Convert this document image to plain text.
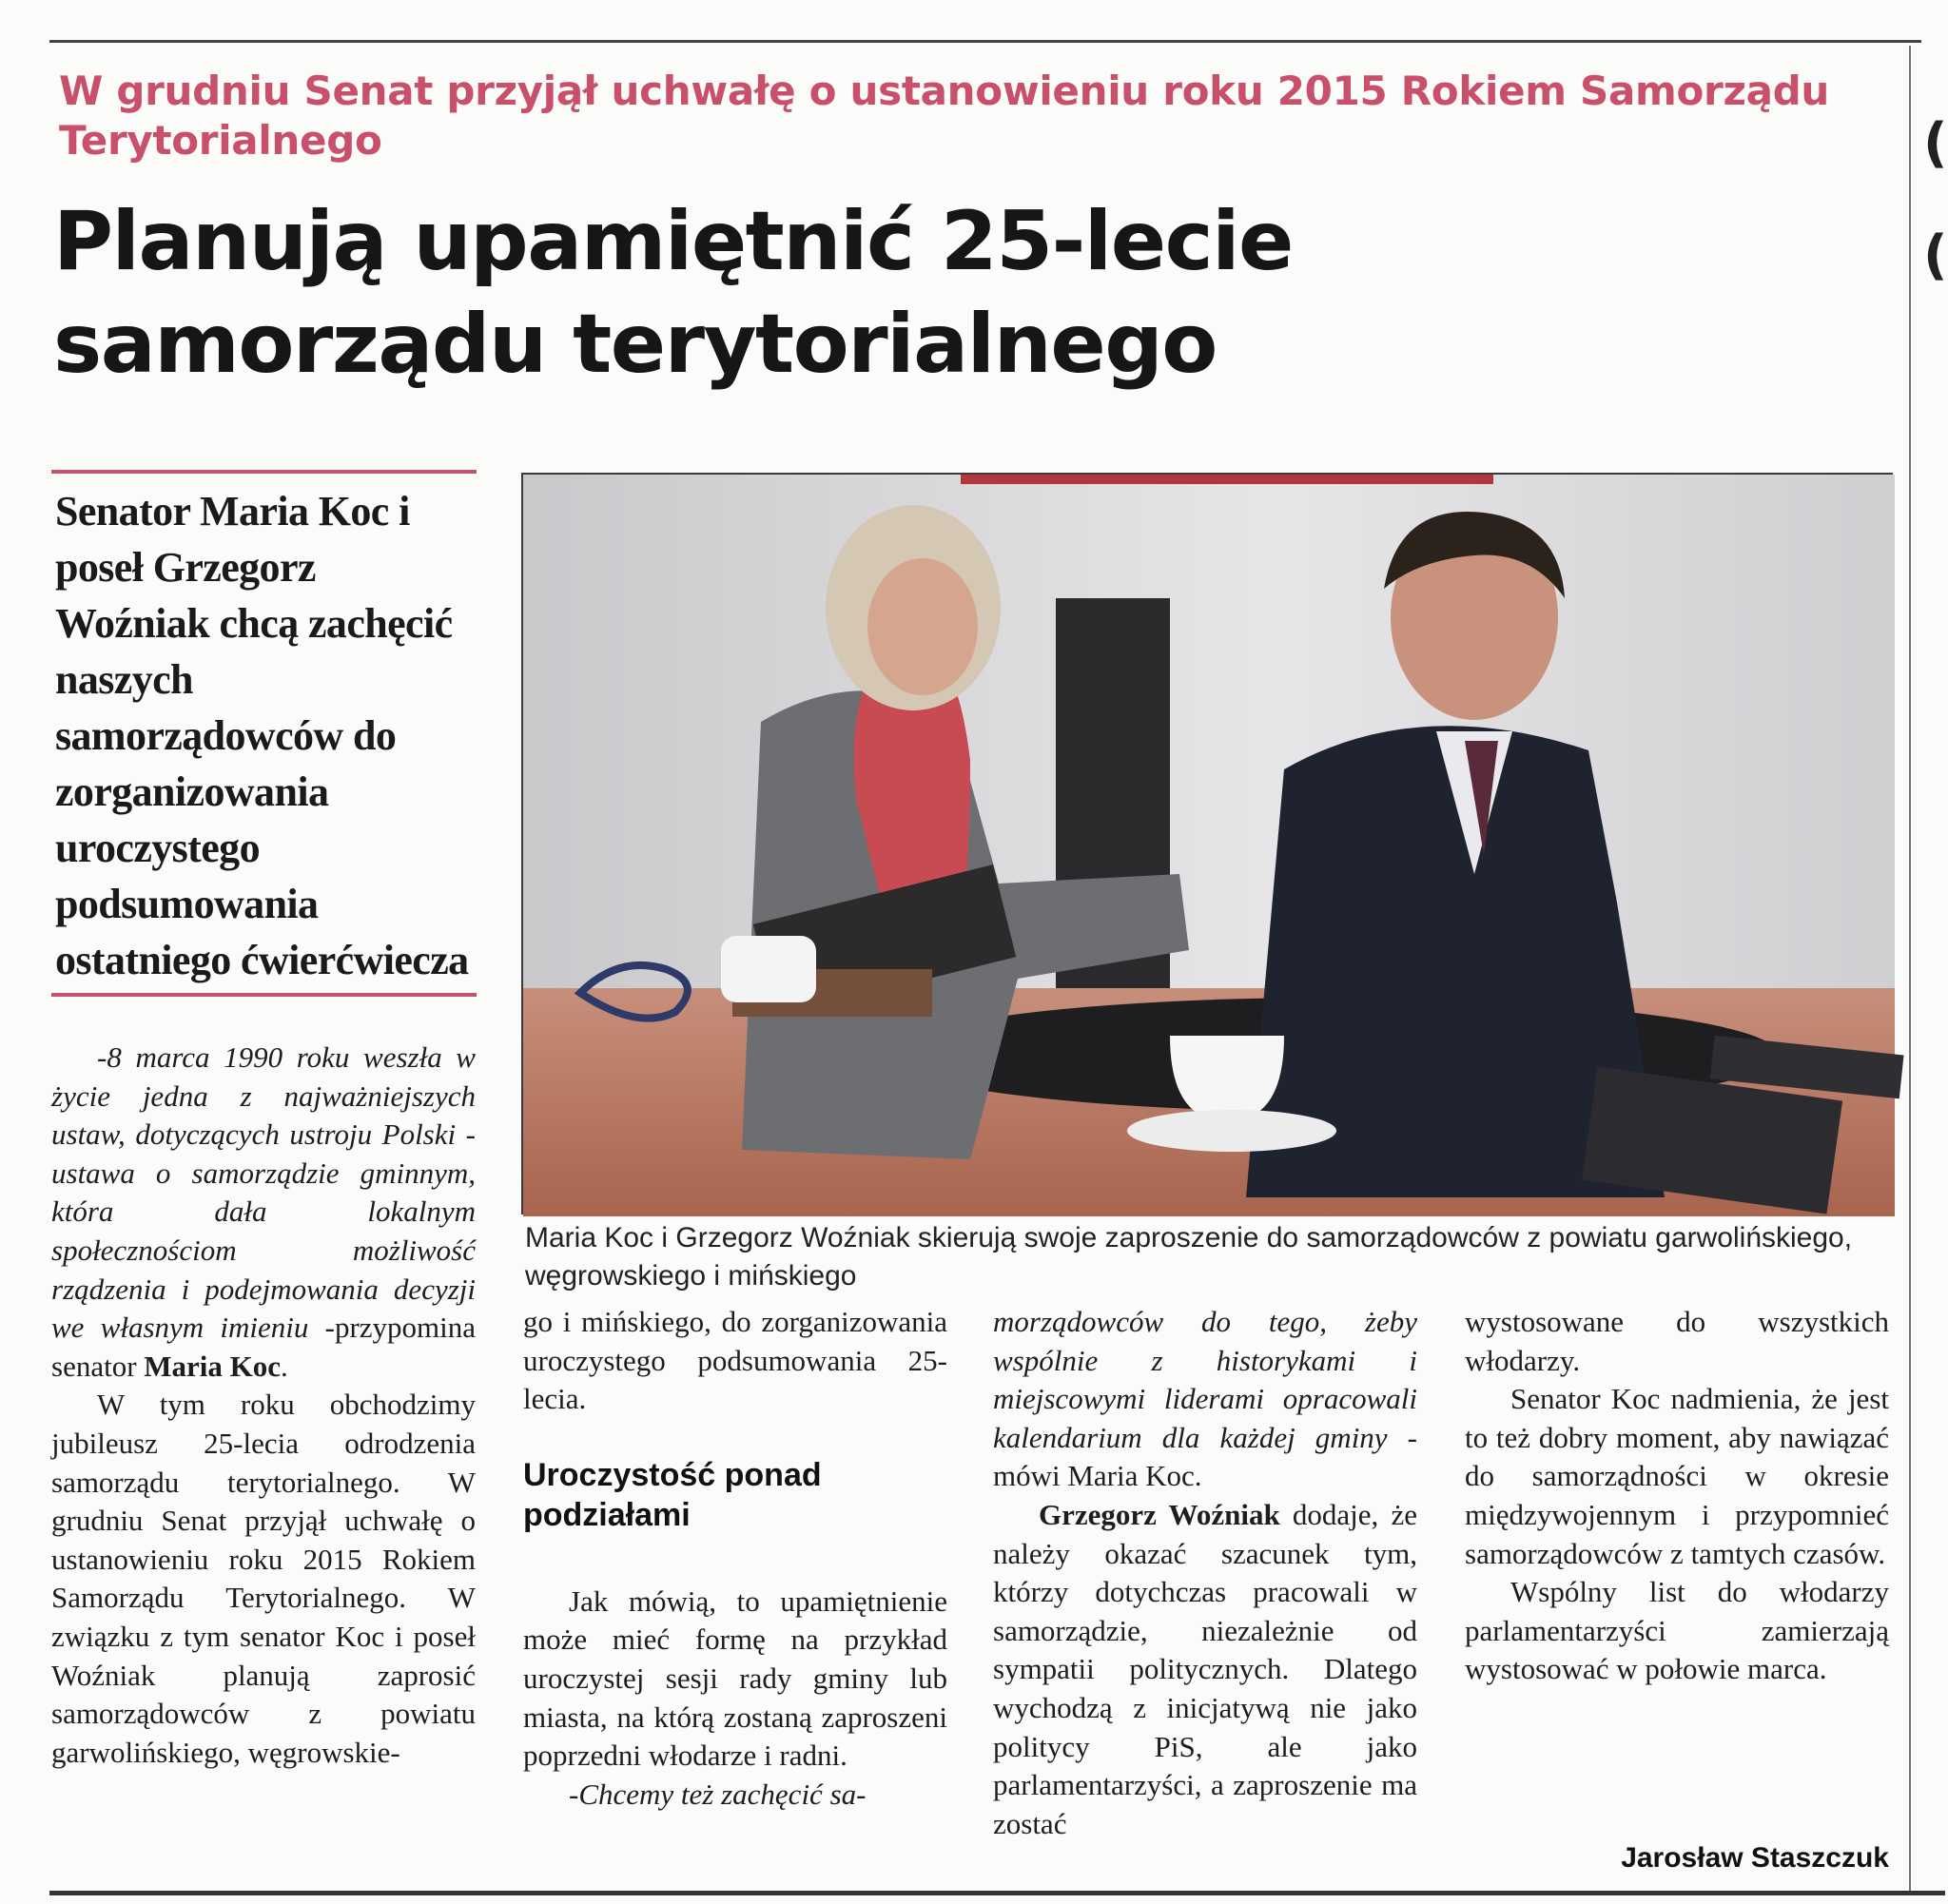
(
(
W grudniu Senat przyjął uchwałę o ustanowieniu roku 2015 Rokiem Samorządu Terytorialnego
Planują upamiętnić 25-lecie
samorządu terytorialnego
Senator Maria Koc i poseł Grzegorz Woźniak chcą zachęcić naszych samorządowców do zorganizowania uroczystego podsumowania ostatniego ćwierćwiecza
Maria Koc i Grzegorz Woźniak skierują swoje zaproszenie do samorządowców z powiatu garwolińskiego, węgrowskiego i mińskiego

-8 marca 1990 roku weszła w życie jedna z najważniejszych ustaw, dotyczących ustroju Polski - ustawa o samorządzie gminnym, która dała lokalnym społecznościom możliwość rządzenia i podejmowania decyzji we własnym imieniu -przypomina senator Maria Koc.

W tym roku obchodzimy jubileusz 25-lecia odrodzenia samorządu terytorialnego. W grudniu Senat przyjął uchwałę o ustanowieniu roku 2015 Rokiem Samorządu Terytorialnego. W związku z tym senator Koc i poseł Woźniak planują zaprosić samorządowców z powiatu garwolińskiego, węgrowskie-

go i mińskiego, do zorganizowania uroczystego podsumowania 25-lecia.

Uroczystość ponad podziałami

Jak mówią, to upamiętnienie może mieć formę na przykład uroczystej sesji rady gminy lub miasta, na którą zostaną zaproszeni poprzedni włodarze i radni.

-Chcemy też zachęcić sa-

morządowców do tego, żeby wspólnie z historykami i miejscowymi liderami opracowali kalendarium dla każdej gminy -mówi Maria Koc.

Grzegorz Woźniak dodaje, że należy okazać szacunek tym, którzy dotychczas pracowali w samorządzie, niezależnie od sympatii politycznych. Dlatego wychodzą z inicjatywą nie jako politycy PiS, ale jako parlamentarzyści, a zaproszenie ma zostać

wystosowane do wszystkich włodarzy.

Senator Koc nadmienia, że jest to też dobry moment, aby nawiązać do samorządności w okresie międzywojennym i przypomnieć samorządowców z tamtych czasów.

Wspólny list do włodarzy parlamentarzyści zamierzają wystosować w połowie marca.

Jarosław Staszczuk
